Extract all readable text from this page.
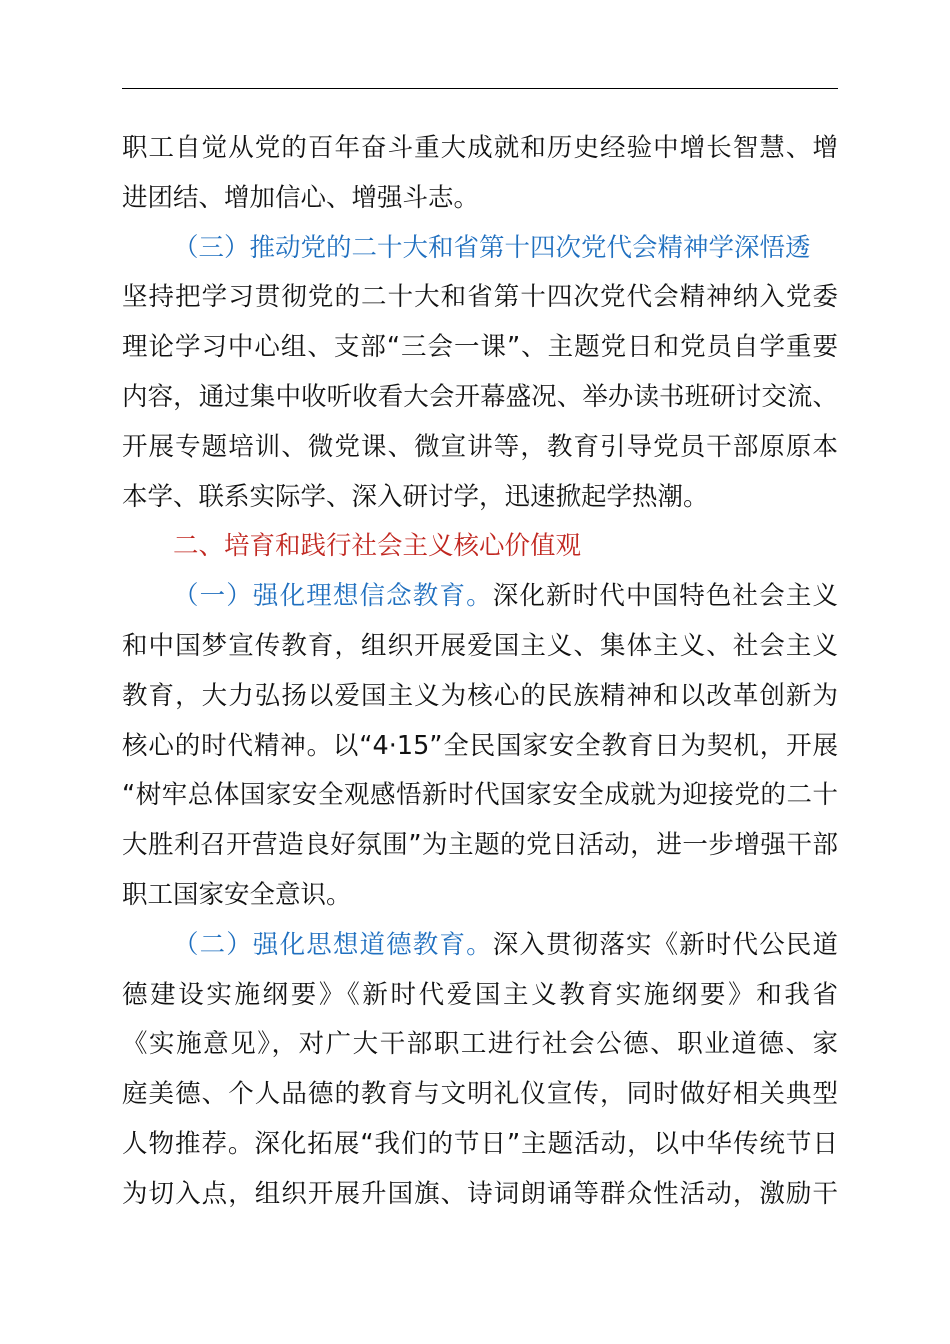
职工自觉从党的百年奋斗重大成就和历史经验中增长智慧、增
进团结、增加信心、增强斗志。
（三）推动党的二十大和省第十四次党代会精神学深悟透
坚持把学习贯彻党的二十大和省第十四次党代会精神纳入党委
理论学习中心组、支部“三会一课”、主题党日和党员自学重要
内容，通过集中收听收看大会开幕盛况、举办读书班研讨交流、
开展专题培训、微党课、微宣讲等，教育引导党员干部原原本
本学、联系实际学、深入研讨学，迅速掀起学热潮。
二、培育和践行社会主义核心价值观
（一）强化理想信念教育。深化新时代中国特色社会主义
和中国梦宣传教育，组织开展爱国主义、集体主义、社会主义
教育，大力弘扬以爱国主义为核心的民族精神和以改革创新为
核心的时代精神。以“4·15”全民国家安全教育日为契机，开展
“树牢总体国家安全观感悟新时代国家安全成就为迎接党的二十
大胜利召开营造良好氛围”为主题的党日活动，进一步增强干部
职工国家安全意识。
（二）强化思想道德教育。深入贯彻落实《新时代公民道
德建设实施纲要》《新时代爱国主义教育实施纲要》和我省
《实施意见》，对广大干部职工进行社会公德、职业道德、家
庭美德、个人品德的教育与文明礼仪宣传，同时做好相关典型
人物推荐。深化拓展“我们的节日”主题活动，以中华传统节日
为切入点，组织开展升国旗、诗词朗诵等群众性活动，激励干
